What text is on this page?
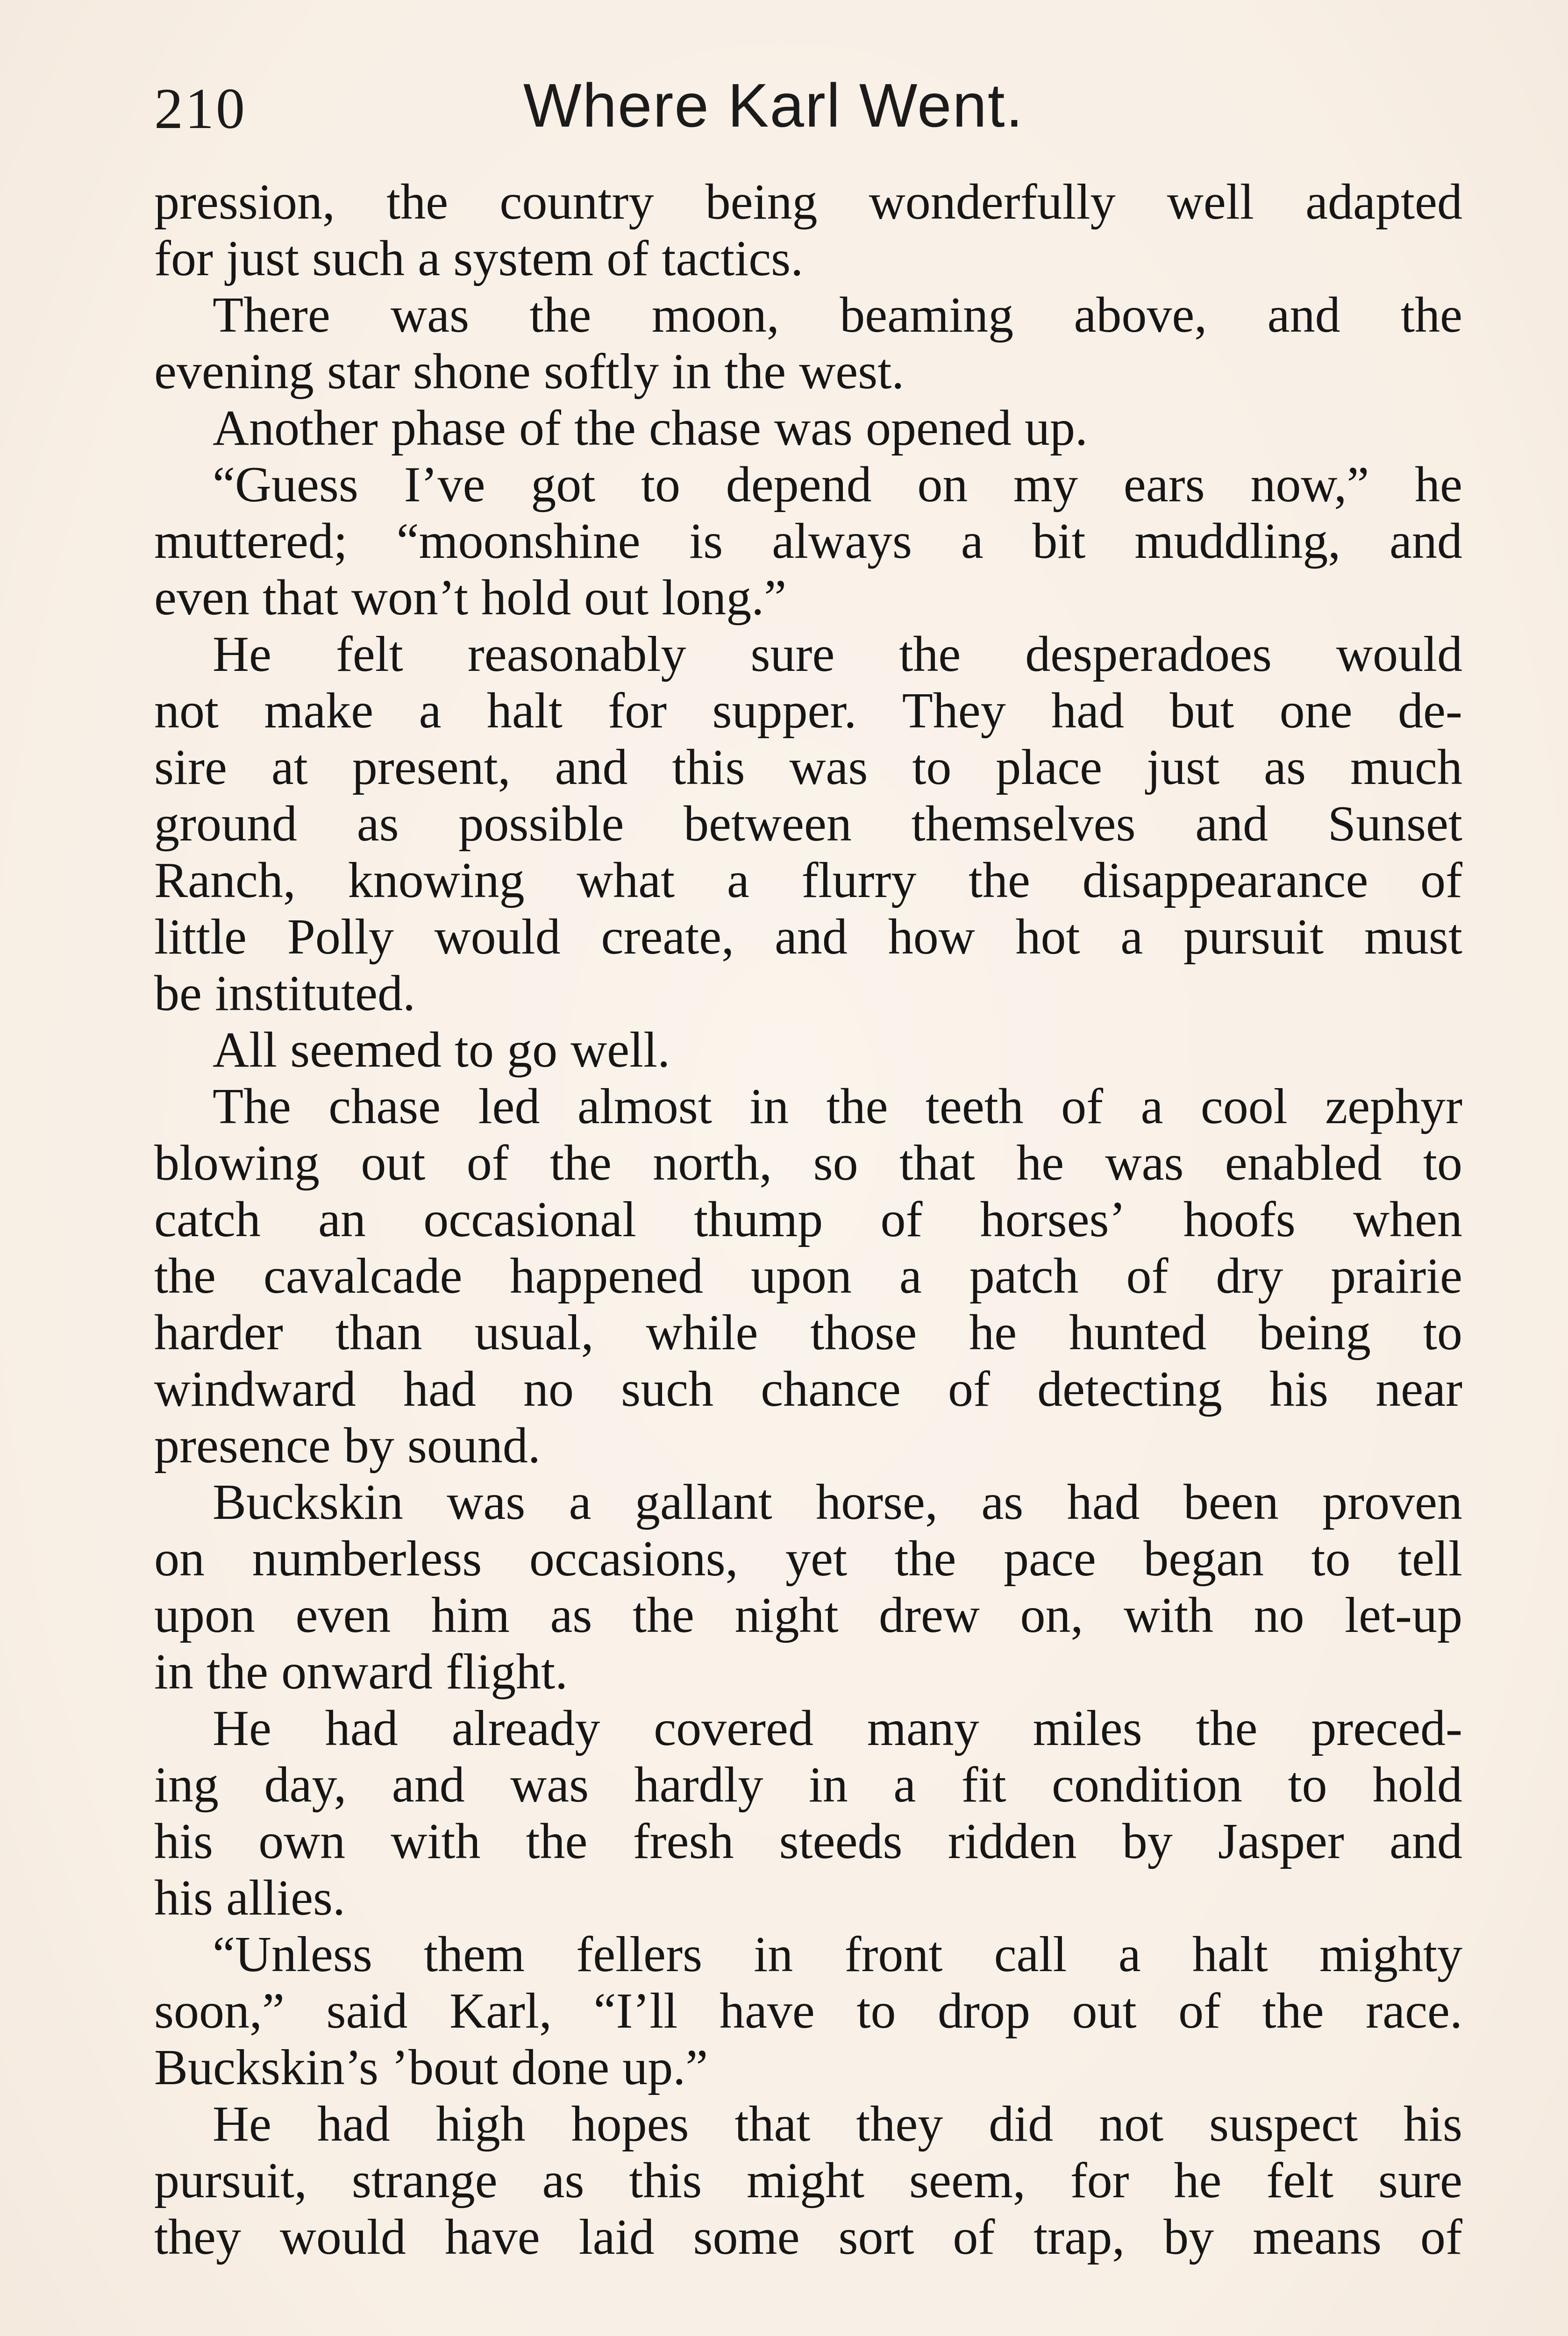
210	Where Karl Went.
pression, the country being wonderfully well adapted
for just such a system of tactics.
There was the moon, beaming above, and the
evening star shone softly in the west.
Another phase of the chase was opened up.
“Guess I’ve got to depend on my ears now,” he
muttered; “moonshine is always a bit muddling, and
even that won’t hold out long.”
He felt reasonably sure the desperadoes would
not make a halt for supper. They had but one de-
sire at present, and this was to place just as much
ground as possible between themselves and Sunset
Ranch, knowing what a flurry the disappearance of
little Polly would create, and how hot a pursuit must
be instituted.
All seemed to go well.
The chase led almost in the teeth of a cool zephyr
blowing out of the north, so that he was enabled to
catch an occasional thump of horses’ hoofs when
the cavalcade happened upon a patch of dry prairie
harder than usual, while those he hunted being to
windward had no such chance of detecting his near
presence by sound.
Buckskin was a gallant horse, as had been proven
on numberless occasions, yet the pace began to tell
upon even him as the night drew on, with no let-up
in the onward flight.
He had already covered many miles the preced-
ing day, and was hardly in a fit condition to hold
his own with the fresh steeds ridden by Jasper and
his allies.
“Unless them fellers in front call a halt mighty
soon,” said Karl, “I’ll have to drop out of the race.
Buckskin’s ’bout done up.”
He had high hopes that they did not suspect his
pursuit, strange as this might seem, for he felt sure
they would have laid some sort of trap, by means of
